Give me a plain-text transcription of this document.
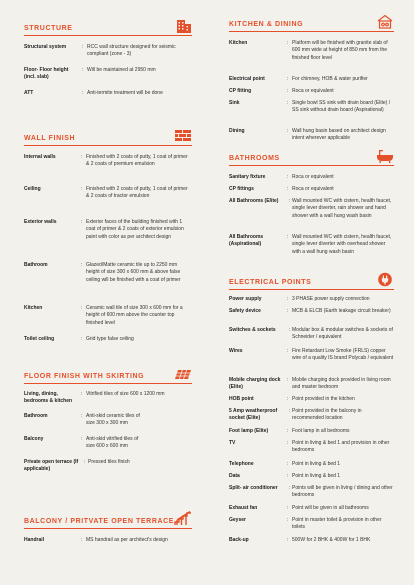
STRUCTURE
Structural system	: RCC wall structure designed for seismic compliant (zone - 3)
Floor- Floor height (incl. slab)
: Will be maintained at 2950 mm
ATT	: Anti-termite treatment will be done
WALL FINISH
Internal walls	: Finished with 2 coats of putty, 1 coat of primer & 2 coats of premium emulsion
Ceiling	: Finished with 2 coats of putty, 1 coat of primer & 2 coats of tractor emulsion
Exterior walls	: Exterior faces of the building finished with 1 coat of primer & 2 coats of exterior emulsion paint with color as per architect design
Bathroom	: Glazed/Matte ceramic tile up to 2250 mm height of size 300 x 600 mm & above false ceiling will be finished with a coat of primer
Kitchen	: Ceramic wall tile of size 300 x 600 mm for a height of 600 mm above the counter top finished level
Toilet ceiling	: Grid type false ceiling
FLOOR FINISH WITH SKIRTING
Living, dining, bedrooms & kitchen
: Vitrified tiles of size 600 x 1200 mm
Bathroom	: Anti-skid ceramic tiles of size 300 x 300 mm
Balcony	: Anti-skid vitrified tiles of size 600 x 600 mm
Private open terrace (If applicable)
: Pressed tiles finish
BALCONY / PRITVATE OPEN TERRACE
Handrail	: MS handrail as per architect's design
KITCHEN & DINING
Kitchen	: Platform will be finished with granite slab of 600 mm wide at height of 850 mm from the finished floor level
Electrical point	: For chimney, HOB & water purifier
CP fitting	: Roca or equivalent
Sink	: Single bowl SS sink with drain board (Elite) / SS sink without drain board (Aspirational)
Dining	: Wall hung basin based on architect design intent wherever applicable
BATHROOMS
Sanitary fixture	: Roca or equivalent
CP fittings	: Roca or equivalent
All Bathrooms (Elite)	: Wall mounted WC with cistern, health faucet, single lever diverter, rain shower and hand shower with a wall hung wash basin
All Bathrooms (Aspirational)
: Wall mounted WC with cistern, health faucet, single lever diverter with overhead shower with a wall hung wash basin
ELECTRICAL POINTS
Power supply	: 3 PHASE power supply connection
Safety device	: MCB & ELCB (Earth leakage circuit breaker)
Switches & sockets	: Modular box & modular switches & sockets of Schneider / equivalent
Wires	: Fire Retardant Low Smoke (FRLS) copper wire of a quality IS brand Polycab / equivalent
Mobile charging dock (Elite)
: Mobile charging dock provided in living room and master bedroom
HOB point	: Point provided in the kitchen
5 Amp weatherproof socket (Elite)
: Point provided in the balcony in recommended location
Foot lamp (Elite)	: Foot lamp in all bedrooms
TV	: Point in living & bed 1 and provision in other bedrooms
Telephone	: Point in living & bed 1
Data	: Point in living & bed 1
Split- air conditioner	: Points will be given in living / dining and other bedrooms
Exhaust fan	: Point will be given in all bathrooms
Geyser	: Point in master toilet & provision in other toilets
Back-up	: 500W for 2 BHK & 400W for 1 BHK
